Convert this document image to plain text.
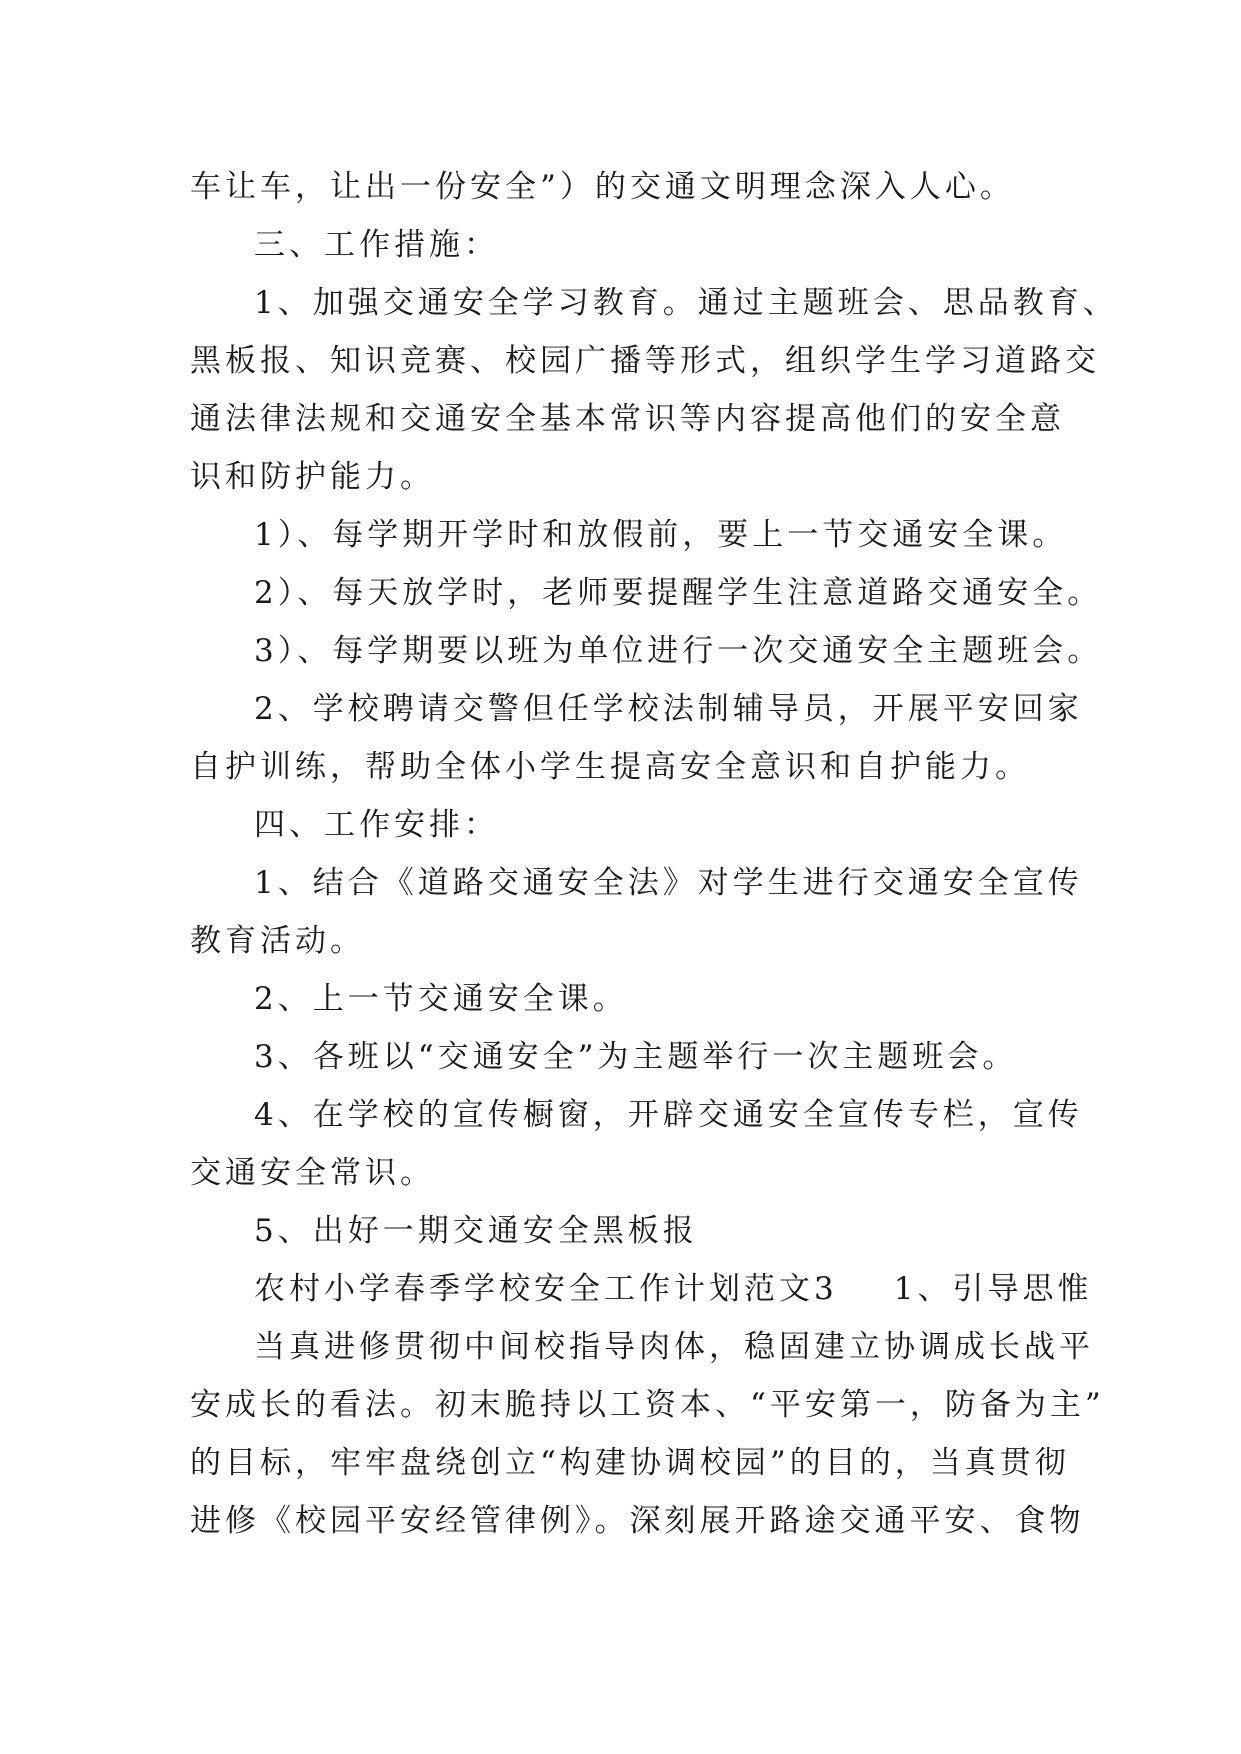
车让车，让出一份安全”）的交通文明理念深入人心。
三、工作措施：
1、加强交通安全学习教育。通过主题班会、思品教育、
黑板报、知识竞赛、校园广播等形式，组织学生学习道路交
通法律法规和交通安全基本常识等内容提高他们的安全意
识和防护能力。
1）、每学期开学时和放假前，要上一节交通安全课。
2）、每天放学时，老师要提醒学生注意道路交通安全。
3）、每学期要以班为单位进行一次交通安全主题班会。
2、学校聘请交警但任学校法制辅导员，开展平安回家
自护训练，帮助全体小学生提高安全意识和自护能力。
四、工作安排：
1、结合《道路交通安全法》对学生进行交通安全宣传
教育活动。
2、上一节交通安全课。
3、各班以“交通安全”为主题举行一次主题班会。
4、在学校的宣传橱窗，开辟交通安全宣传专栏，宣传
交通安全常识。
5、出好一期交通安全黑板报
农村小学春季学校安全工作计划范文3 1、引导思惟
当真进修贯彻中间校指导肉体，稳固建立协调成长战平
安成长的看法。初末脆持以工资本、“平安第一，防备为主”
的目标，牢牢盘绕创立“构建协调校园”的目的，当真贯彻
进修《校园平安经管律例》。深刻展开路途交通平安、食物
